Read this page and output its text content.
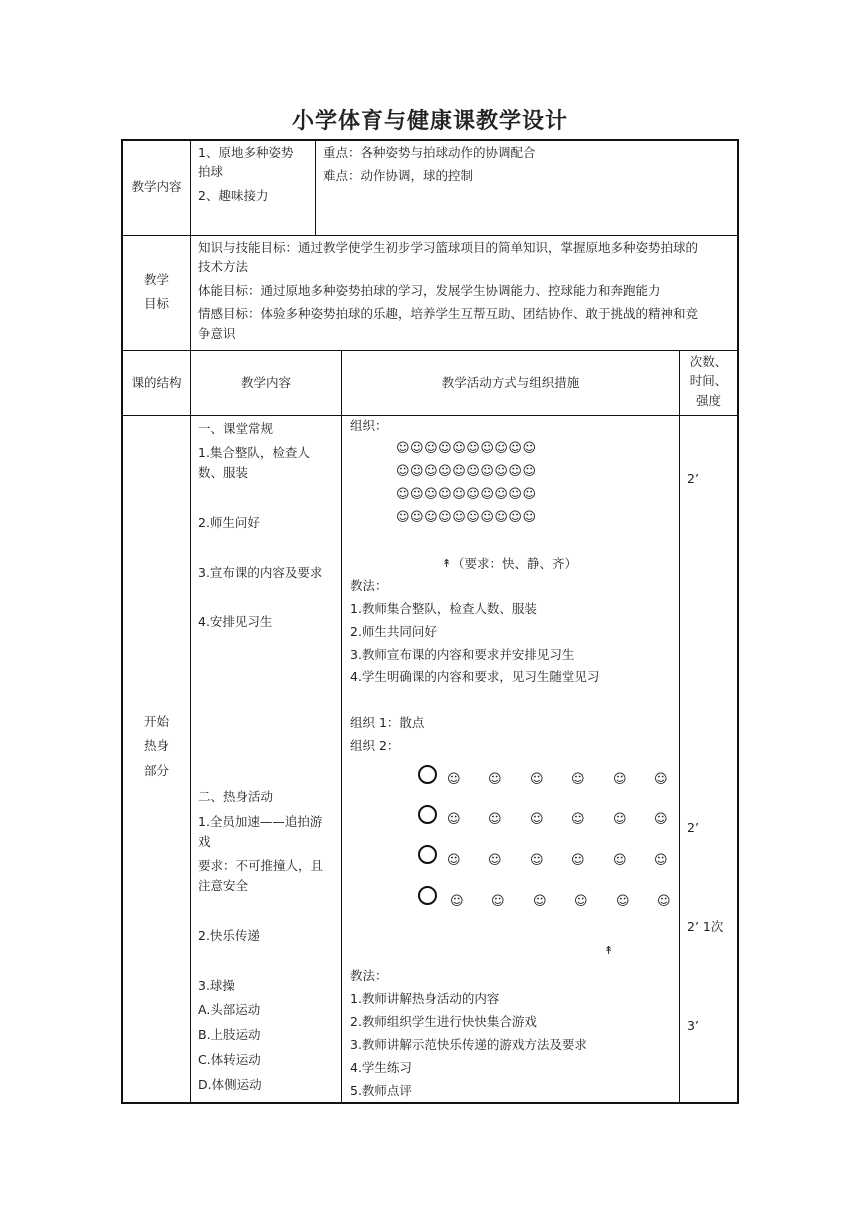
小学体育与健康课教学设计
教学内容
1、原地多种姿势
拍球
2、趣味接力
重点：各种姿势与拍球动作的协调配合
难点：动作协调，球的控制
教学
目标
知识与技能目标：通过教学使学生初步学习篮球项目的简单知识，掌握原地多种姿势拍球的
技术方法
体能目标：通过原地多种姿势拍球的学习，发展学生协调能力、控球能力和奔跑能力
情感目标：体验多种姿势拍球的乐趣，培养学生互帮互助、团结协作、敢于挑战的精神和竞
争意识
课的结构	教学内容	教学活动方式与组织措施
次数、
时间、
强度
开始
热身
部分
一、课堂常规
1.集合整队，检查人
数、服装
2.师生问好
3.宣布课的内容及要求
4.安排见习生
二、热身活动
1.全员加速——追拍游
戏
要求：不可推撞人，且
注意安全
2.快乐传递
3.球操
A.头部运动
B.上肢运动
C.体转运动
D.体侧运动
组织：
☺☺☺☺☺☺☺☺☺☺
☺☺☺☺☺☺☺☺☺☺
☺☺☺☺☺☺☺☺☺☺
☺☺☺☺☺☺☺☺☺☺
↟ （要求：快、静、齐）
教法：
1.教师集合整队，检查人数、服装
2.师生共同问好
3.教师宣布课的内容和要求并安排见习生
4.学生明确课的内容和要求，见习生随堂见习
组织 1：散点
组织 2：
☺ ☺ ☺ ☺ ☺ ☺
☺ ☺ ☺ ☺ ☺ ☺
☺ ☺ ☺ ☺ ☺ ☺
☺ ☺ ☺ ☺ ☺ ☺
↟
教法：
1.教师讲解热身活动的内容
2.教师组织学生进行快快集合游戏
3.教师讲解示范快乐传递的游戏方法及要求
4.学生练习
5.教师点评
2’
2’
2’ 1次
3’
